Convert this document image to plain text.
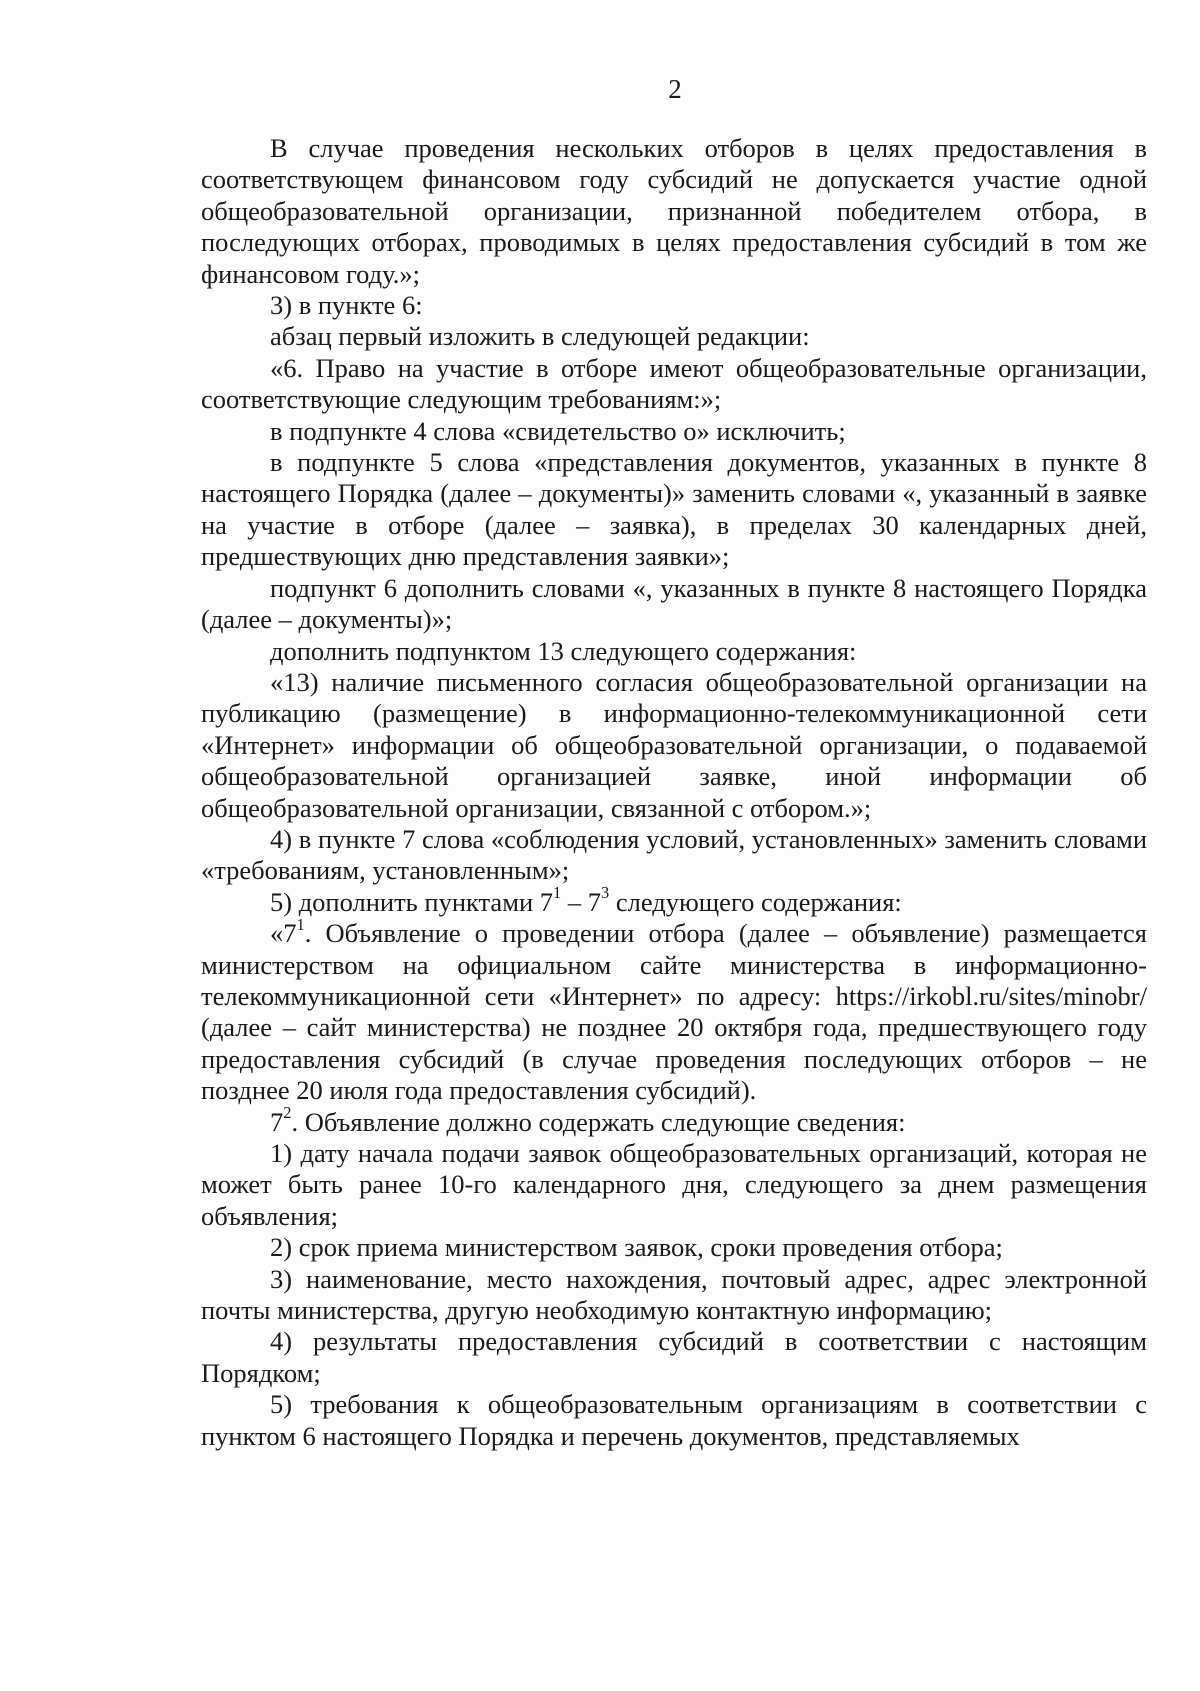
2

В случае проведения нескольких отборов в целях предоставления в соответствующем финансовом году субсидий не допускается участие одной общеобразовательной организации, признанной победителем отбора, в последующих отборах, проводимых в целях предоставления субсидий в том же финансовом году.»;

3) в пункте 6:

абзац первый изложить в следующей редакции:

«6. Право на участие в отборе имеют общеобразовательные организации, соответствующие следующим требованиям:»;

в подпункте 4 слова «свидетельство о» исключить;

в подпункте 5 слова «представления документов, указанных в пункте 8 настоящего Порядка (далее – документы)» заменить словами «, указанный в заявке на участие в отборе (далее – заявка), в пределах 30 календарных дней, предшествующих дню представления заявки»;

подпункт 6 дополнить словами «, указанных в пункте 8 настоящего Порядка (далее – документы)»;

дополнить подпунктом 13 следующего содержания:

«13) наличие письменного согласия общеобразовательной организации на публикацию (размещение) в информационно-телекоммуникационной сети «Интернет» информации об общеобразовательной организации, о подаваемой общеобразовательной организацией заявке, иной информации об общеобразовательной организации, связанной с отбором.»;

4) в пункте 7 слова «соблюдения условий, установленных» заменить словами «требованиям, установленным»;

5) дополнить пунктами $7^1 - 7^3$ следующего содержания:

«$7^1$. Объявление о проведении отбора (далее – объявление) размещается министерством на официальном сайте министерства в информационно-телекоммуникационной сети «Интернет» по адресу: https://irkobl.ru/sites/minobr/ (далее – сайт министерства) не позднее 20 октября года, предшествующего году предоставления субсидий (в случае проведения последующих отборов – не позднее 20 июля года предоставления субсидий).

$7^2$. Объявление должно содержать следующие сведения:

1) дату начала подачи заявок общеобразовательных организаций, которая не может быть ранее 10-го календарного дня, следующего за днем размещения объявления;

2) срок приема министерством заявок, сроки проведения отбора;

3) наименование, место нахождения, почтовый адрес, адрес электронной почты министерства, другую необходимую контактную информацию;

4) результаты предоставления субсидий в соответствии с настоящим Порядком;

5) требования к общеобразовательным организациям в соответствии с пунктом 6 настоящего Порядка и перечень документов, представляемых
